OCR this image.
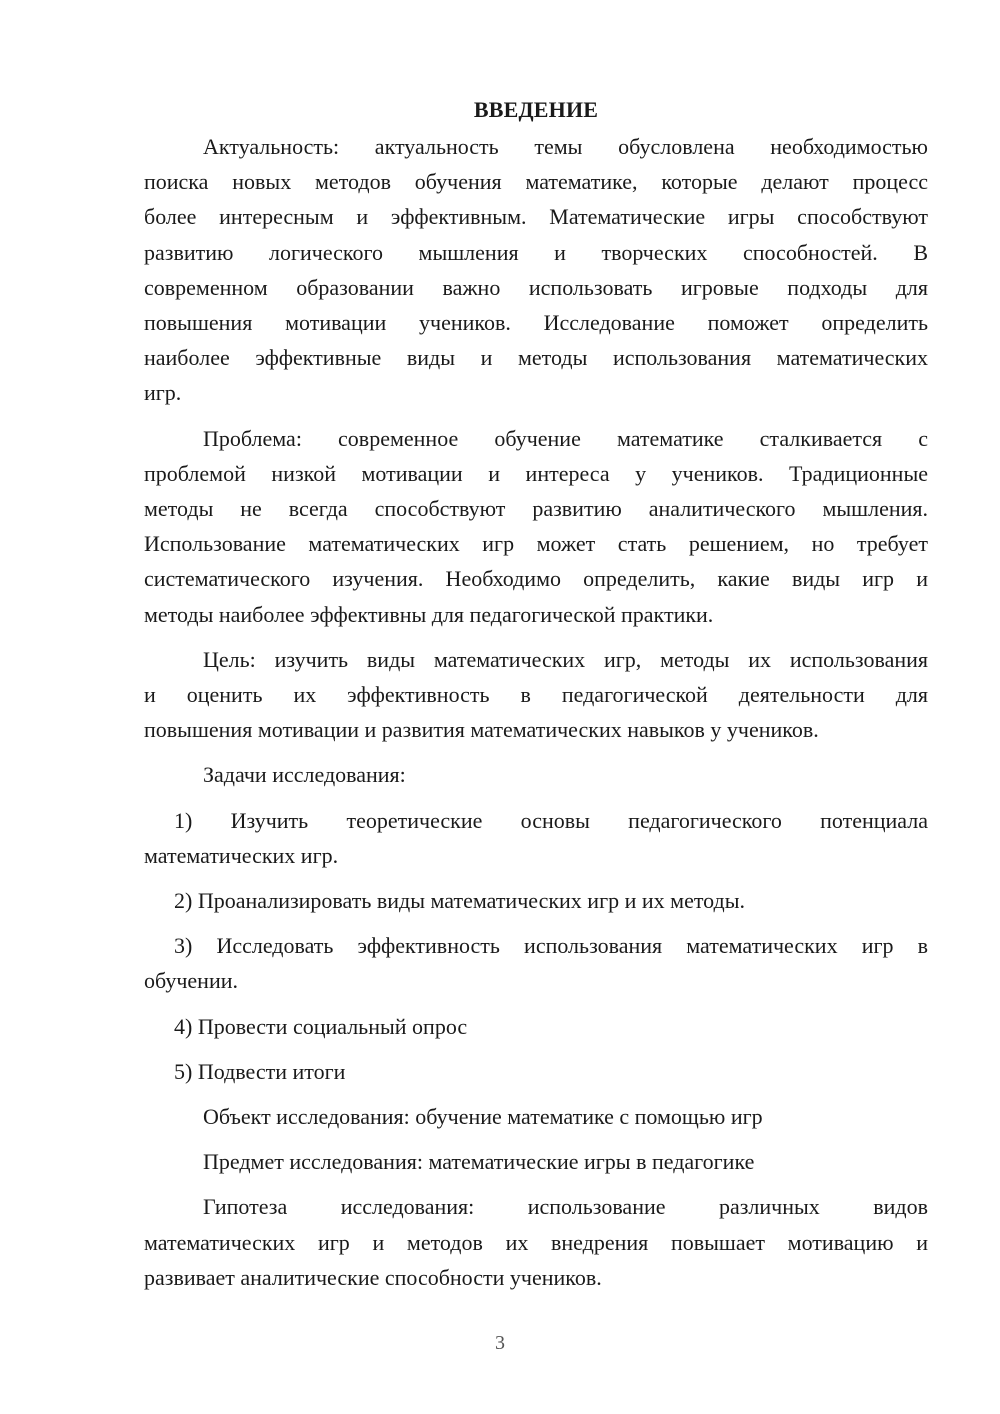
ВВЕДЕНИЕ
Актуальность: актуальность темы обусловлена необходимостью
поиска новых методов обучения математике, которые делают процесс
более интересным и эффективным. Математические игры способствуют
развитию логического мышления и творческих способностей. В
современном образовании важно использовать игровые подходы для
повышения мотивации учеников. Исследование поможет определить
наиболее эффективные виды и методы использования математических
игр.
Проблема: современное обучение математике сталкивается с
проблемой низкой мотивации и интереса у учеников. Традиционные
методы не всегда способствуют развитию аналитического мышления.
Использование математических игр может стать решением, но требует
систематического изучения. Необходимо определить, какие виды игр и
методы наиболее эффективны для педагогической практики.
Цель: изучить виды математических игр, методы их использования
и оценить их эффективность в педагогической деятельности для
повышения мотивации и развития математических навыков у учеников.
Задачи исследования:
1) Изучить теоретические основы педагогического потенциала
математических игр.
2) Проанализировать виды математических игр и их методы.
3) Исследовать эффективность использования математических игр в
обучении.
4) Провести социальный опрос
5) Подвести итоги
Объект исследования: обучение математике с помощью игр
Предмет исследования: математические игры в педагогике
Гипотеза исследования: использование различных видов
математических игр и методов их внедрения повышает мотивацию и
развивает аналитические способности учеников.
3
